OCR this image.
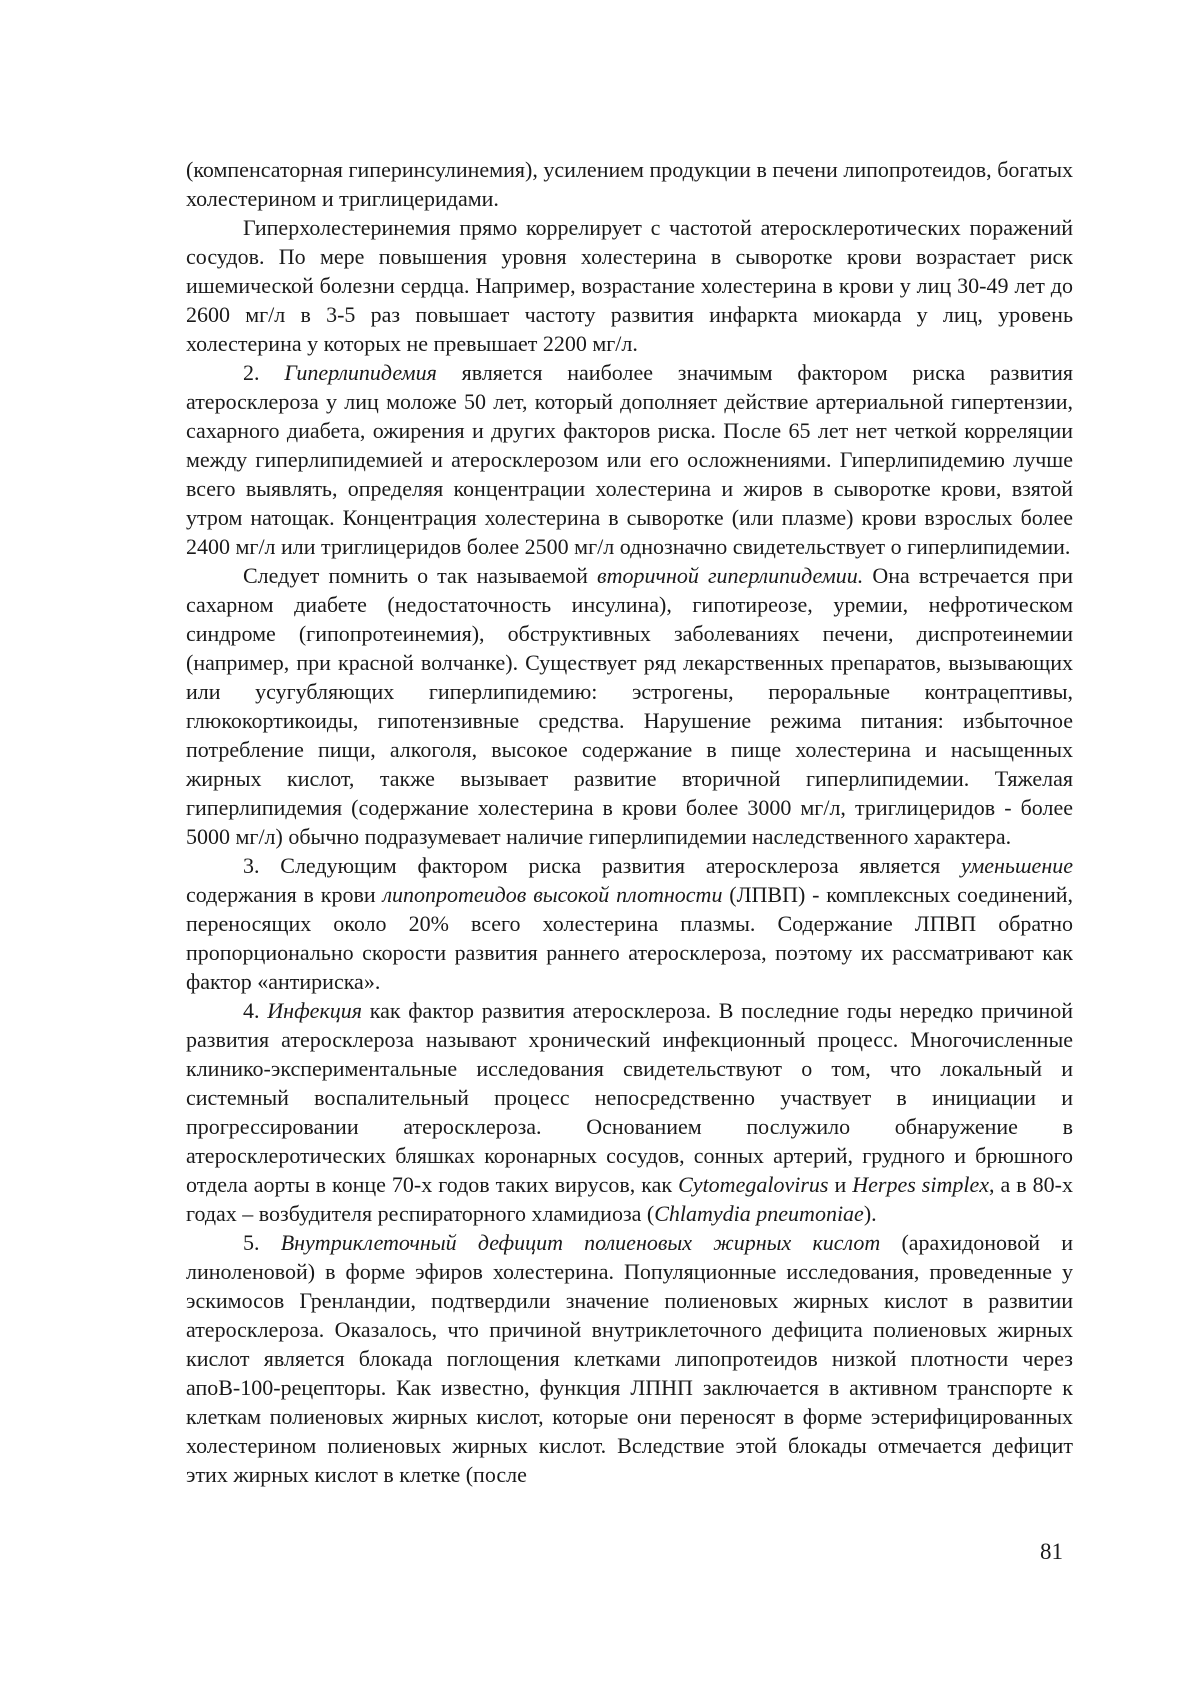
(компенсаторная гиперинсулинемия), усилением продукции в печени липопротеидов, богатых холестерином и триглицеридами.

Гиперхолестеринемия прямо коррелирует с частотой атеросклеротических поражений сосудов. По мере повышения уровня холестерина в сыворотке крови возрастает риск ишемической болезни сердца. Например, возрастание холестерина в крови у лиц 30-49 лет до 2600 мг/л в 3-5 раз повышает частоту развития инфаркта миокарда у лиц, уровень холестерина у которых не превышает 2200 мг/л.

2. Гиперлипидемия является наиболее значимым фактором риска развития атеросклероза у лиц моложе 50 лет, который дополняет действие артериальной гипертензии, сахарного диабета, ожирения и других факторов риска. После 65 лет нет четкой корреляции между гиперлипидемией и атеросклерозом или его осложнениями. Гиперлипидемию лучше всего выявлять, определяя концентрации холестерина и жиров в сыворотке крови, взятой утром натощак. Концентрация холестерина в сыворотке (или плазме) крови взрослых более 2400 мг/л или триглицеридов более 2500 мг/л однозначно свидетельствует о гиперлипидемии.

Следует помнить о так называемой вторичной гиперлипидемии. Она встречается при сахарном диабете (недостаточность инсулина), гипотиреозе, уремии, нефротическом синдроме (гипопротеинемия), обструктивных заболеваниях печени, диспротеинемии (например, при красной волчанке). Существует ряд лекарственных препаратов, вызывающих или усугубляющих гиперлипидемию: эстрогены, пероральные контрацептивы, глюкокортикоиды, гипотензивные средства. Нарушение режима питания: избыточное потребление пищи, алкоголя, высокое содержание в пище холестерина и насыщенных жирных кислот, также вызывает развитие вторичной гиперлипидемии. Тяжелая гиперлипидемия (содержание холестерина в крови более 3000 мг/л, триглицеридов - более 5000 мг/л) обычно подразумевает наличие гиперлипидемии наследственного характера.

3. Следующим фактором риска развития атеросклероза является уменьшение содержания в крови липопротеидов высокой плотности (ЛПВП) - комплексных соединений, переносящих около 20% всего холестерина плазмы. Содержание ЛПВП обратно пропорционально скорости развития раннего атеросклероза, поэтому их рассматривают как фактор «антириска».

4. Инфекция как фактор развития атеросклероза. В последние годы нередко причиной развития атеросклероза называют хронический инфекционный процесс. Многочисленные клинико-экспериментальные исследования свидетельствуют о том, что локальный и системный воспалительный процесс непосредственно участвует в инициации и прогрессировании атеросклероза. Основанием послужило обнаружение в атеросклеротических бляшках коронарных сосудов, сонных артерий, грудного и брюшного отдела аорты в конце 70-х годов таких вирусов, как Cytomegalovirus и Herpes simplex, а в 80-х годах – возбудителя респираторного хламидиоза (Chlamydia pneumoniae).

5. Внутриклеточный дефицит полиеновых жирных кислот (арахидоновой и линоленовой) в форме эфиров холестерина. Популяционные исследования, проведенные у эскимосов Гренландии, подтвердили значение полиеновых жирных кислот в развитии атеросклероза. Оказалось, что причиной внутриклеточного дефицита полиеновых жирных кислот является блокада поглощения клетками липопротеидов низкой плотности через апоВ-100-рецепторы. Как известно, функция ЛПНП заключается в активном транспорте к клеткам полиеновых жирных кислот, которые они переносят в форме эстерифицированных холестерином полиеновых жирных кислот. Вследствие этой блокады отмечается дефицит этих жирных кислот в клетке (после

81
